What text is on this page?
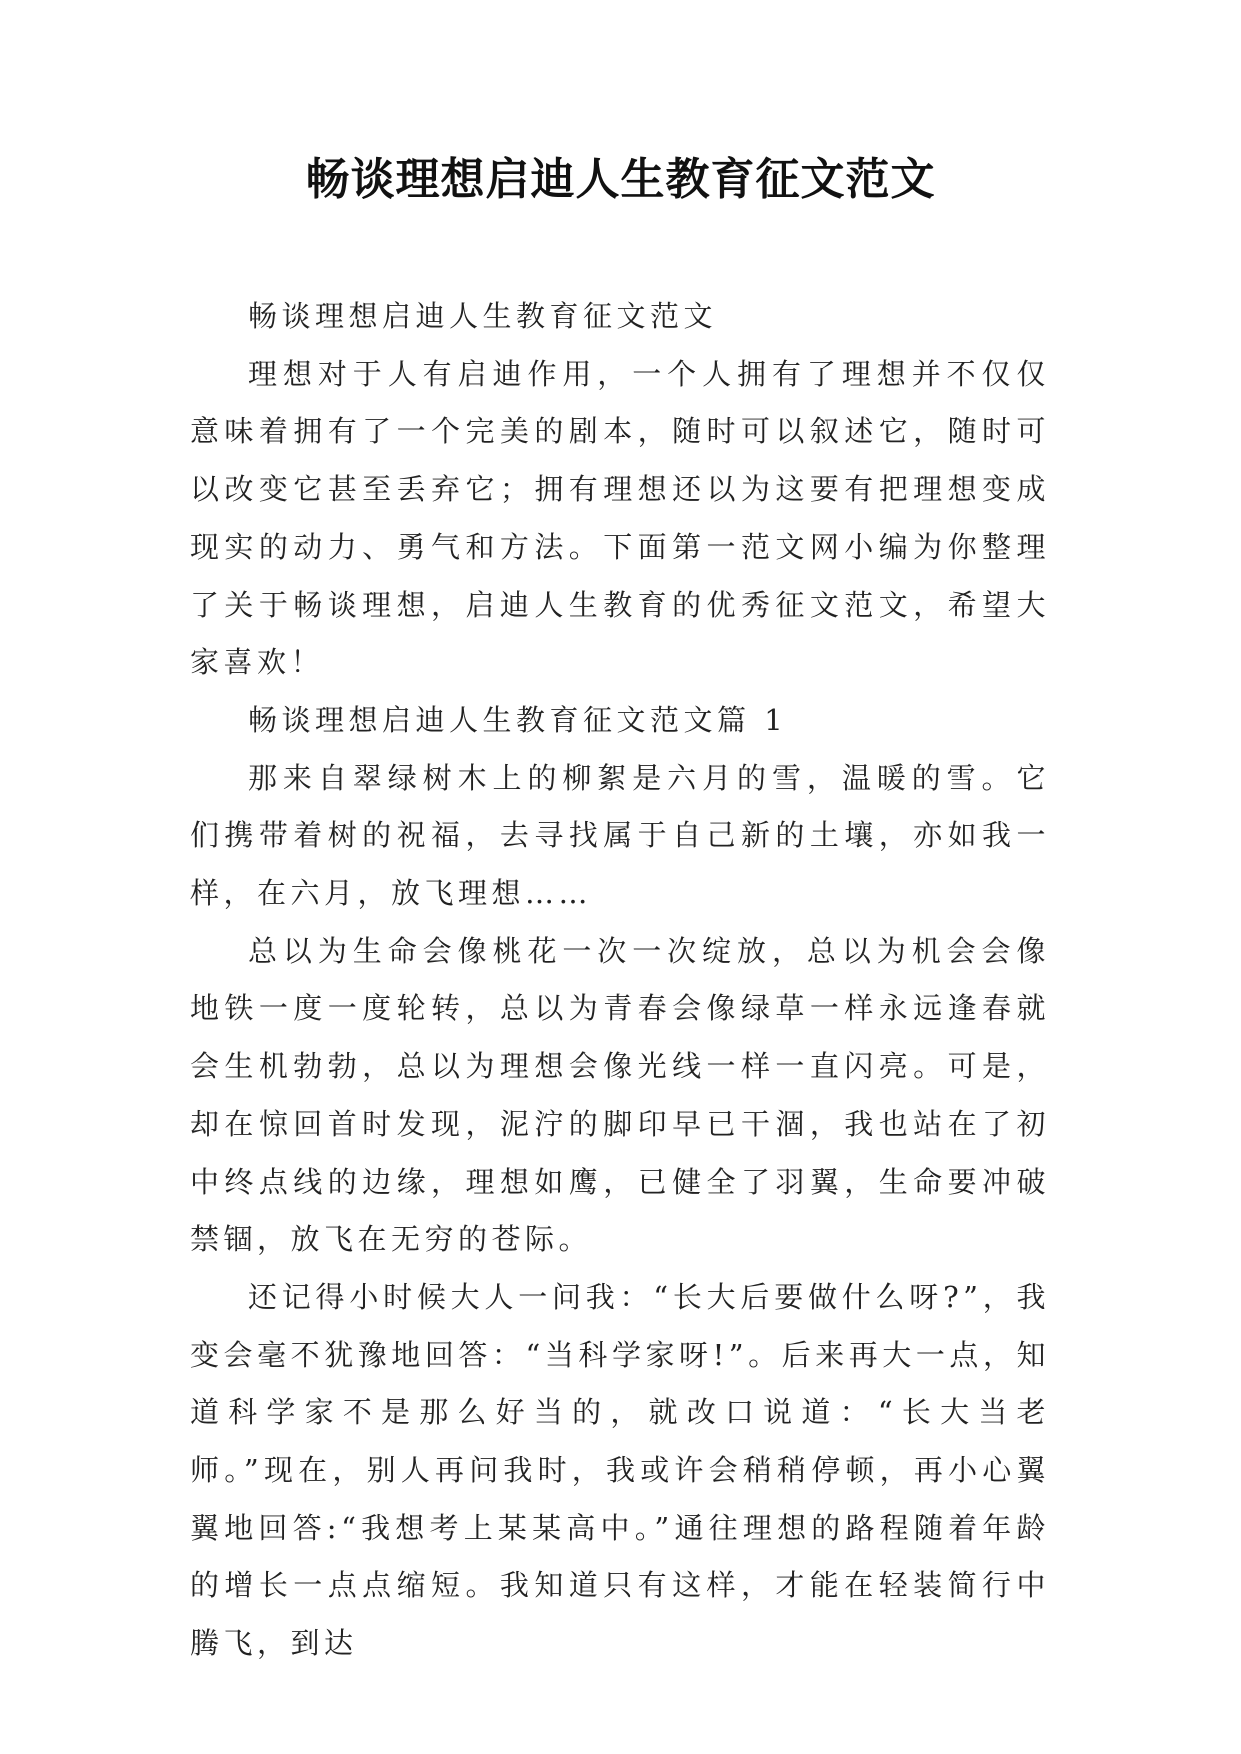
畅谈理想启迪人生教育征文范文

畅谈理想启迪人生教育征文范文

理想对于人有启迪作用，一个人拥有了理想并不仅仅意味着拥有了一个完美的剧本，随时可以叙述它，随时可以改变它甚至丢弃它；拥有理想还以为这要有把理想变成现实的动力、勇气和方法。下面第一范文网小编为你整理了关于畅谈理想，启迪人生教育的优秀征文范文，希望大家喜欢！

畅谈理想启迪人生教育征文范文篇 1

那来自翠绿树木上的柳絮是六月的雪，温暖的雪。它们携带着树的祝福，去寻找属于自己新的土壤，亦如我一样，在六月，放飞理想……

总以为生命会像桃花一次一次绽放，总以为机会会像地铁一度一度轮转，总以为青春会像绿草一样永远逢春就会生机勃勃，总以为理想会像光线一样一直闪亮。可是，却在惊回首时发现，泥泞的脚印早已干涸，我也站在了初中终点线的边缘，理想如鹰，已健全了羽翼，生命要冲破禁锢，放飞在无穷的苍际。

还记得小时候大人一问我：“长大后要做什么呀?”，我变会毫不犹豫地回答：“当科学家呀!”。后来再大一点，知道科学家不是那么好当的，就改口说道：“长大当老师。”现在，别人再问我时，我或许会稍稍停顿，再小心翼翼地回答:“我想考上某某高中。”通往理想的路程随着年龄的增长一点点缩短。我知道只有这样，才能在轻装简行中腾飞，到达
